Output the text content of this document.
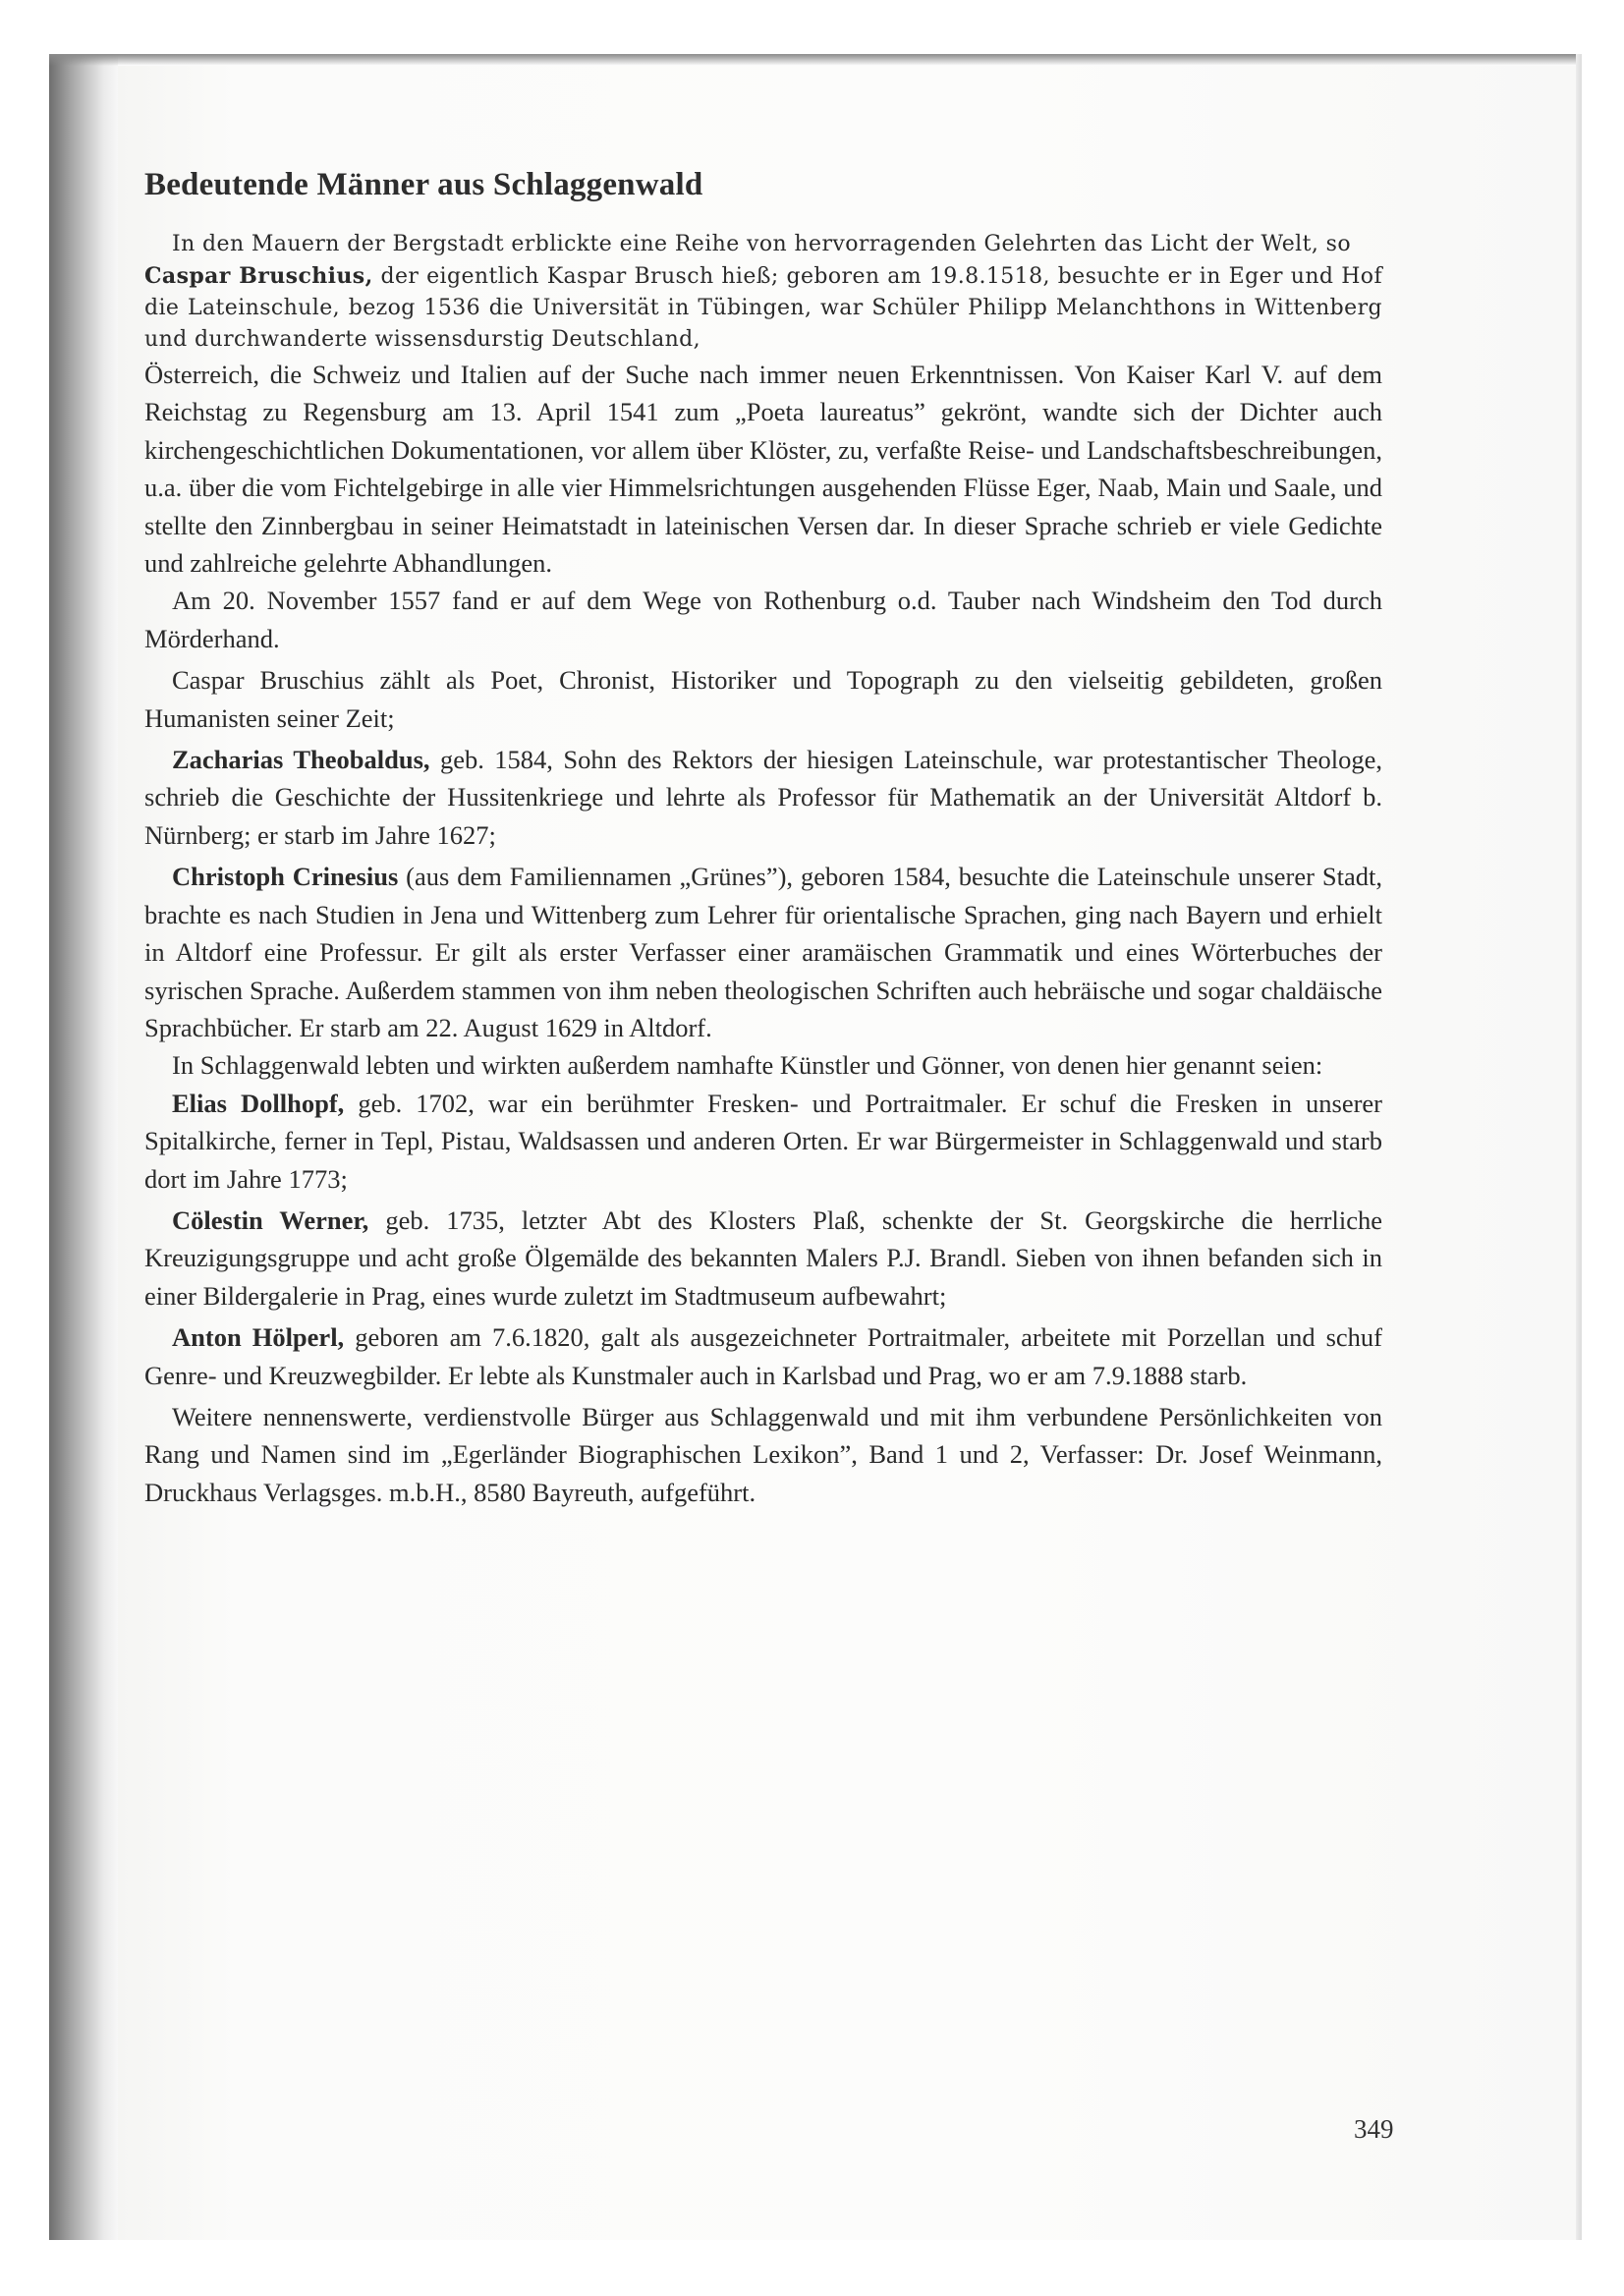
Bedeutende Männer aus Schlaggenwald

In den Mauern der Bergstadt erblickte eine Reihe von hervorragenden Gelehrten das Licht der Welt, so

Caspar Bruschius, der eigentlich Kaspar Brusch hieß; geboren am 19.8.1518, besuchte er in Eger und Hof die Lateinschule, bezog 1536 die Universität in Tübingen, war Schüler Philipp Melanchthons in Wittenberg und durchwanderte wissensdurstig Deutschland,

Österreich, die Schweiz und Italien auf der Suche nach immer neuen Erkenntnissen. Von Kaiser Karl V. auf dem Reichstag zu Regensburg am 13. April 1541 zum „Poeta laureatus” gekrönt, wandte sich der Dichter auch kirchengeschichtlichen Dokumentationen, vor allem über Klöster, zu, verfaßte Reise- und Landschaftsbeschreibungen, u.a. über die vom Fichtelgebirge in alle vier Himmelsrichtungen ausgehenden Flüsse Eger, Naab, Main und Saale, und stellte den Zinnbergbau in seiner Heimatstadt in lateinischen Versen dar. In dieser Sprache schrieb er viele Gedichte und zahlreiche gelehrte Abhandlungen.

Am 20. November 1557 fand er auf dem Wege von Rothenburg o.d. Tauber nach Windsheim den Tod durch Mörderhand.

Caspar Bruschius zählt als Poet, Chronist, Historiker und Topograph zu den vielseitig gebildeten, großen Humanisten seiner Zeit;

Zacharias Theobaldus, geb. 1584, Sohn des Rektors der hiesigen Lateinschule, war protestantischer Theologe, schrieb die Geschichte der Hussitenkriege und lehrte als Professor für Mathematik an der Universität Altdorf b. Nürnberg; er starb im Jahre 1627;

Christoph Crinesius (aus dem Familiennamen „Grünes”), geboren 1584, besuchte die Lateinschule unserer Stadt, brachte es nach Studien in Jena und Wittenberg zum Lehrer für orientalische Sprachen, ging nach Bayern und erhielt in Altdorf eine Professur. Er gilt als erster Verfasser einer aramäischen Grammatik und eines Wörterbuches der syrischen Sprache. Außerdem stammen von ihm neben theologischen Schriften auch hebräische und sogar chaldäische Sprachbücher. Er starb am 22. August 1629 in Altdorf.

In Schlaggenwald lebten und wirkten außerdem namhafte Künstler und Gönner, von denen hier genannt seien:

Elias Dollhopf, geb. 1702, war ein berühmter Fresken- und Portraitmaler. Er schuf die Fresken in unserer Spitalkirche, ferner in Tepl, Pistau, Waldsassen und anderen Orten. Er war Bürgermeister in Schlaggenwald und starb dort im Jahre 1773;

Cölestin Werner, geb. 1735, letzter Abt des Klosters Plaß, schenkte der St. Georgskirche die herrliche Kreuzigungsgruppe und acht große Ölgemälde des bekannten Malers P.J. Brandl. Sieben von ihnen befanden sich in einer Bildergalerie in Prag, eines wurde zuletzt im Stadtmuseum aufbewahrt;

Anton Hölperl, geboren am 7.6.1820, galt als ausgezeichneter Portraitmaler, arbeitete mit Porzellan und schuf Genre- und Kreuzwegbilder. Er lebte als Kunstmaler auch in Karlsbad und Prag, wo er am 7.9.1888 starb.

Weitere nennenswerte, verdienstvolle Bürger aus Schlaggenwald und mit ihm verbundene Persönlichkeiten von Rang und Namen sind im „Egerländer Biographischen Lexikon”, Band 1 und 2, Verfasser: Dr. Josef Weinmann, Druckhaus Verlagsges. m.b.H., 8580 Bayreuth, aufgeführt.

349
